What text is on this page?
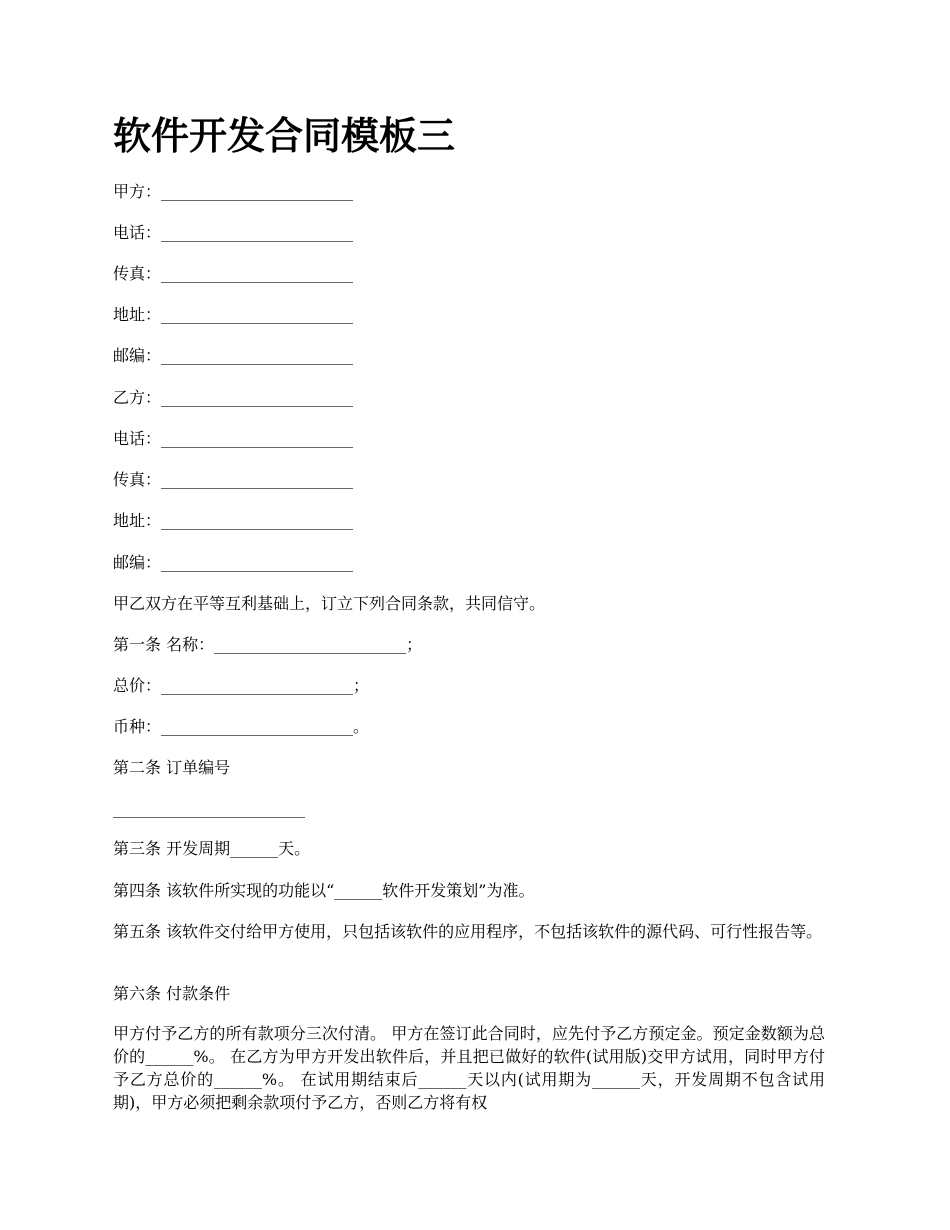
软件开发合同模板三

甲方：________________________

电话：________________________

传真：________________________

地址：________________________

邮编：________________________

乙方：________________________

电话：________________________

传真：________________________

地址：________________________

邮编：________________________

甲乙双方在平等互利基础上，订立下列合同条款，共同信守。

第一条 名称：________________________；

总价：________________________；

币种：________________________。

第二条 订单编号

________________________

第三条 开发周期______天。

第四条 该软件所实现的功能以“______软件开发策划”为准。

第五条 该软件交付给甲方使用，只包括该软件的应用程序，不包括该软件的源代码、可行性报告等。

第六条 付款条件

甲方付予乙方的所有款项分三次付清。 甲方在签订此合同时，应先付予乙方预定金。预定金数额为总价的______%。 在乙方为甲方开发出软件后，并且把已做好的软件(试用版)交甲方试用，同时甲方付予乙方总价的______%。 在试用期结束后______天以内(试用期为______天，开发周期不包含试用期)，甲方必须把剩余款项付予乙方，否则乙方将有权
